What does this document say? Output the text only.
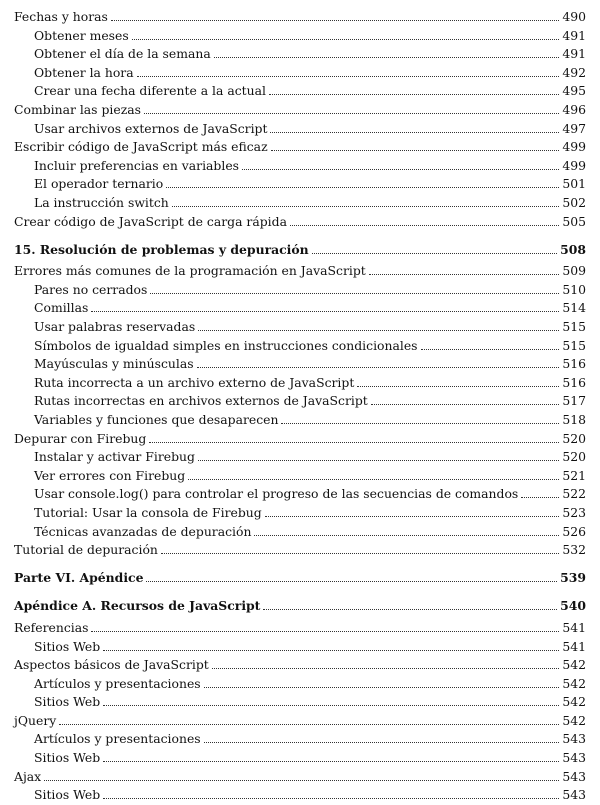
Fechas y horas	490
Obtener meses	491
Obtener el día de la semana	491
Obtener la hora	492
Crear una fecha diferente a la actual	495
Combinar las piezas	496
Usar archivos externos de JavaScript	497
Escribir código de JavaScript más eficaz	499
Incluir preferencias en variables	499
El operador ternario	501
La instrucción switch	502
Crear código de JavaScript de carga rápida	505
15. Resolución de problemas y depuración	508
Errores más comunes de la programación en JavaScript	509
Pares no cerrados	510
Comillas	514
Usar palabras reservadas	515
Símbolos de igualdad simples en instrucciones condicionales	515
Mayúsculas y minúsculas	516
Ruta incorrecta a un archivo externo de JavaScript	516
Rutas incorrectas en archivos externos de JavaScript	517
Variables y funciones que desaparecen	518
Depurar con Firebug	520
Instalar y activar Firebug	520
Ver errores con Firebug	521
Usar console.log() para controlar el progreso de las secuencias de comandos	522
Tutorial: Usar la consola de Firebug	523
Técnicas avanzadas de depuración	526
Tutorial de depuración	532
Parte VI. Apéndice	539
Apéndice A. Recursos de JavaScript	540
Referencias	541
Sitios Web	541
Aspectos básicos de JavaScript	542
Artículos y presentaciones	542
Sitios Web	542
jQuery	542
Artículos y presentaciones	543
Sitios Web	543
Ajax	543
Sitios Web	543
